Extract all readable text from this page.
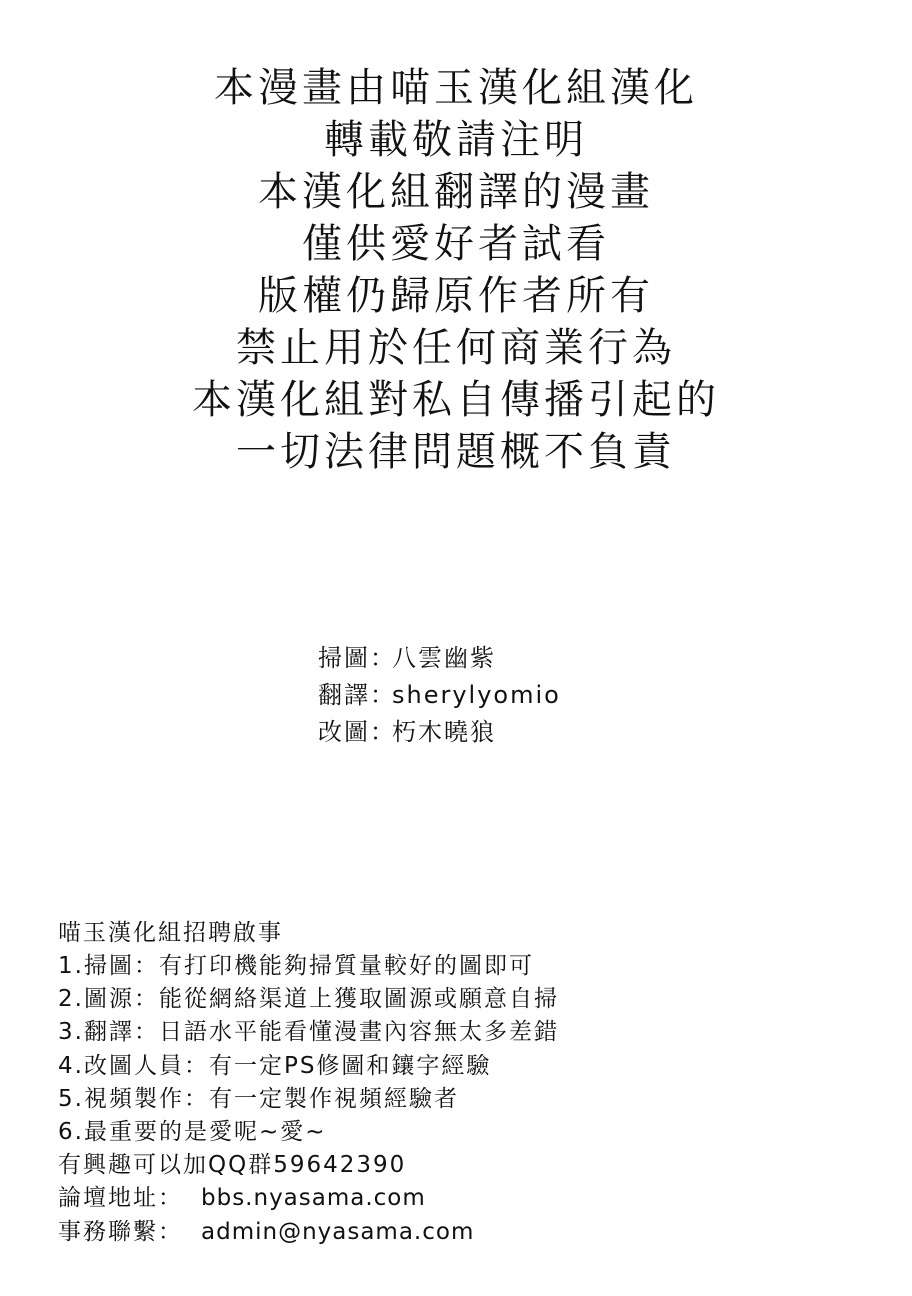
本漫畫由喵玉漢化組漢化
轉載敬請注明
本漢化組翻譯的漫畫
僅供愛好者試看
版權仍歸原作者所有
禁止用於任何商業行為
本漢化組對私自傳播引起的
一切法律問題概不負責
掃圖：八雲幽紫
翻譯：sherylyomio
改圖：朽木曉狼
喵玉漢化組招聘啟事
1.掃圖：有打印機能夠掃質量較好的圖即可
2.圖源：能從網絡渠道上獲取圖源或願意自掃
3.翻譯：日語水平能看懂漫畫內容無太多差錯
4.改圖人員：有一定PS修圖和鑲字經驗
5.視頻製作：有一定製作視頻經驗者
6.最重要的是愛呢~愛~
有興趣可以加QQ群59642390
論壇地址： bbs.nyasama.com
事務聯繫： admin@nyasama.com
